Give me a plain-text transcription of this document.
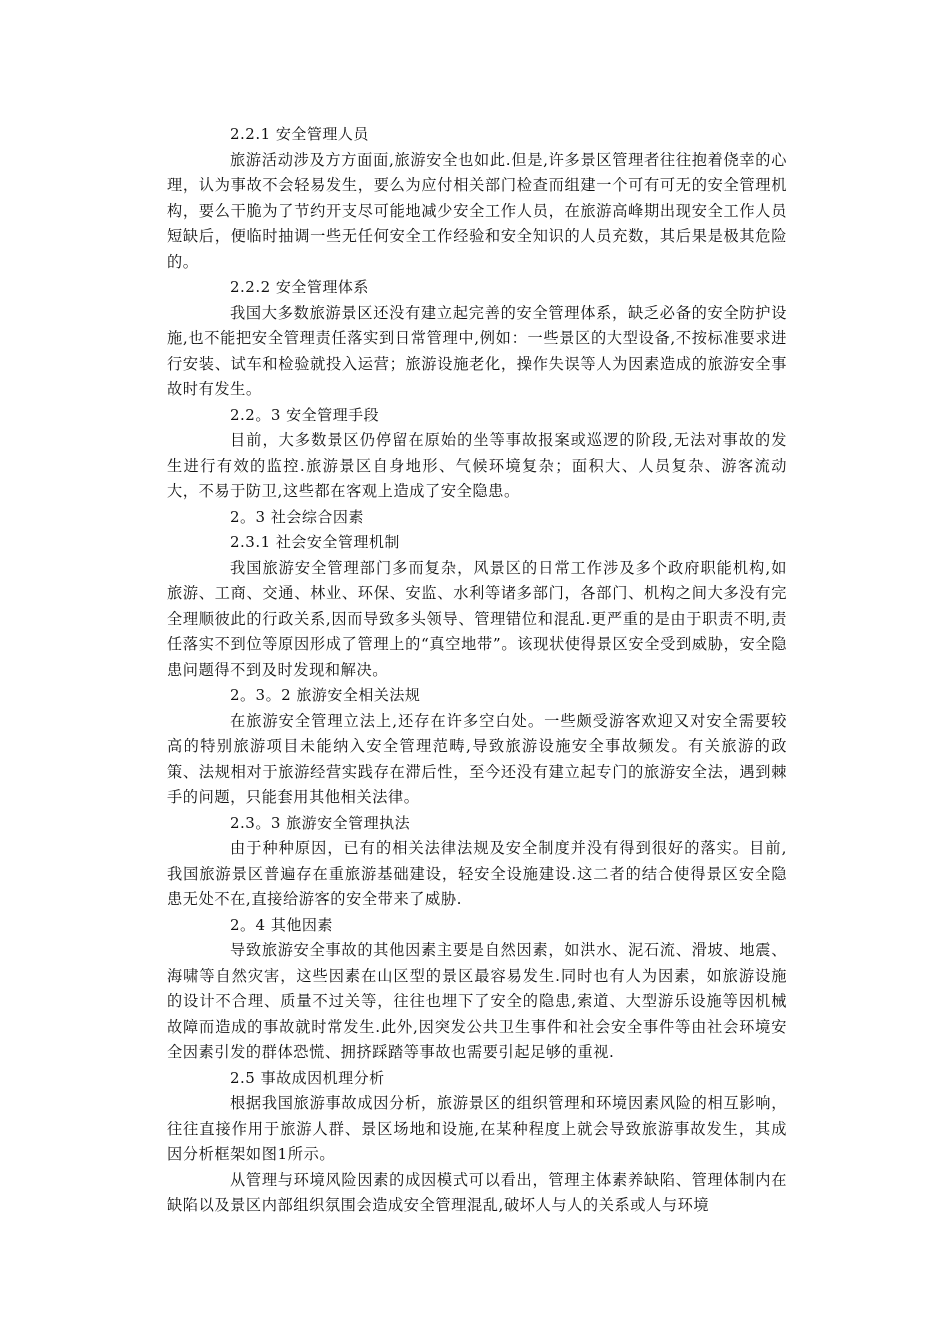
2.2.1 安全管理人员

旅游活动涉及方方面面,旅游安全也如此.但是,许多景区管理者往往抱着侥幸的心理，认为事故不会轻易发生，要么为应付相关部门检查而组建一个可有可无的安全管理机构，要么干脆为了节约开支尽可能地减少安全工作人员，在旅游高峰期出现安全工作人员短缺后，便临时抽调一些无任何安全工作经验和安全知识的人员充数，其后果是极其危险的。

2.2.2 安全管理体系

我国大多数旅游景区还没有建立起完善的安全管理体系，缺乏必备的安全防护设施,也不能把安全管理责任落实到日常管理中,例如：一些景区的大型设备,不按标准要求进行安装、试车和检验就投入运营；旅游设施老化，操作失误等人为因素造成的旅游安全事故时有发生。

2.2。3 安全管理手段

目前，大多数景区仍停留在原始的坐等事故报案或巡逻的阶段,无法对事故的发生进行有效的监控.旅游景区自身地形、气候环境复杂；面积大、人员复杂、游客流动大，不易于防卫,这些都在客观上造成了安全隐患。

2。3 社会综合因素

2.3.1 社会安全管理机制

我国旅游安全管理部门多而复杂，风景区的日常工作涉及多个政府职能机构,如旅游、工商、交通、林业、环保、安监、水利等诸多部门，各部门、机构之间大多没有完全理顺彼此的行政关系,因而导致多头领导、管理错位和混乱.更严重的是由于职责不明,责任落实不到位等原因形成了管理上的“真空地带”。该现状使得景区安全受到威胁，安全隐患问题得不到及时发现和解决。

2。3。2 旅游安全相关法规

在旅游安全管理立法上,还存在许多空白处。一些颇受游客欢迎又对安全需要较高的特别旅游项目未能纳入安全管理范畴,导致旅游设施安全事故频发。有关旅游的政策、法规相对于旅游经营实践存在滞后性，至今还没有建立起专门的旅游安全法，遇到棘手的问题，只能套用其他相关法律。

2.3。3 旅游安全管理执法

由于种种原因，已有的相关法律法规及安全制度并没有得到很好的落实。目前,我国旅游景区普遍存在重旅游基础建设，轻安全设施建设.这二者的结合使得景区安全隐患无处不在,直接给游客的安全带来了威胁.

2。4 其他因素

导致旅游安全事故的其他因素主要是自然因素，如洪水、泥石流、滑坡、地震、海啸等自然灾害，这些因素在山区型的景区最容易发生.同时也有人为因素，如旅游设施的设计不合理、质量不过关等，往往也埋下了安全的隐患,索道、大型游乐设施等因机械故障而造成的事故就时常发生.此外,因突发公共卫生事件和社会安全事件等由社会环境安全因素引发的群体恐慌、拥挤踩踏等事故也需要引起足够的重视.

2.5 事故成因机理分析

根据我国旅游事故成因分析，旅游景区的组织管理和环境因素风险的相互影响，往往直接作用于旅游人群、景区场地和设施,在某种程度上就会导致旅游事故发生，其成因分析框架如图1所示。

从管理与环境风险因素的成因模式可以看出，管理主体素养缺陷、管理体制内在缺陷以及景区内部组织氛围会造成安全管理混乱,破坏人与人的关系或人与环境
